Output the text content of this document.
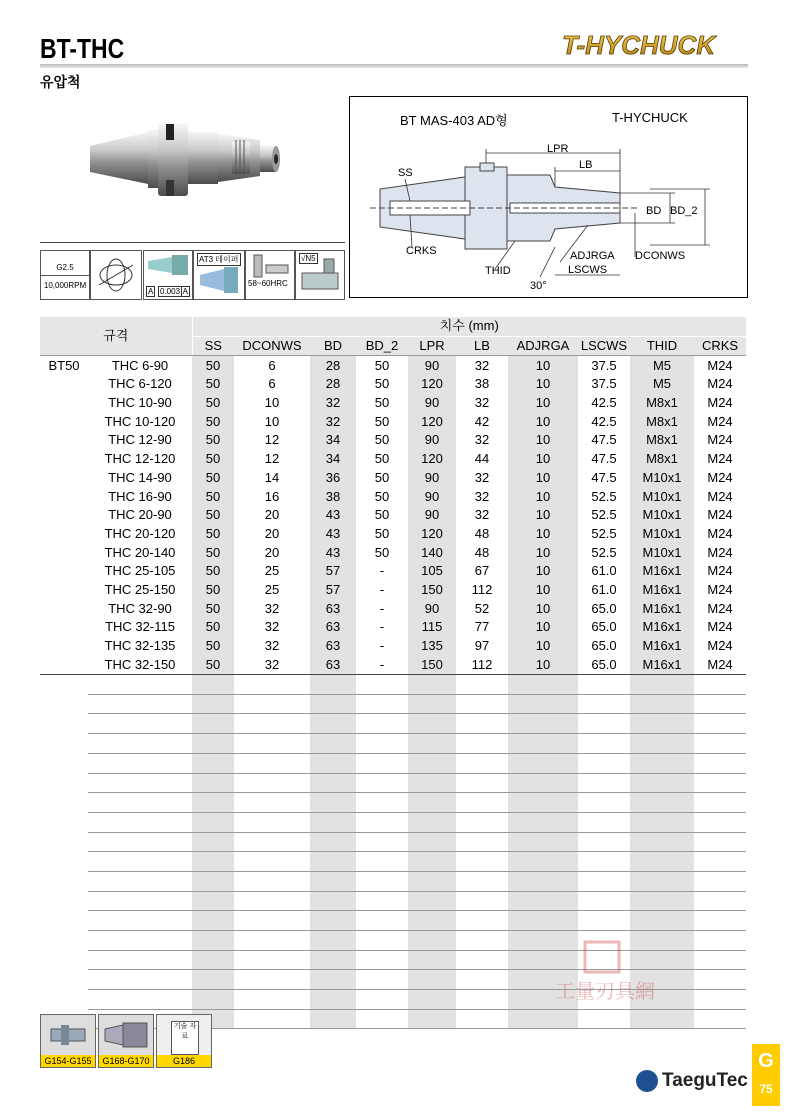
BT-THC
유압척
T-HYCHUCK
G2.5
10,000RPM
A 0.003 A
AT3 테이퍼
58~60HRC
√N5
BT MAS-403 AD형	T-HYCHUCK
LPR
LB
SS
BD BD_2
CRKS	ADJRGA DCONWS
THID	LSCWS
30°
규격		치수 (mm)									
		SS	DCONWS	BD	BD_2	LPR	LB	ADJRGA	LSCWS	THID	CRKS
BT50	THC 6-90	50	6	28	50	90	32	10	37.5	M5	M24
	THC 6-120	50	6	28	50	120	38	10	37.5	M5	M24
	THC 10-90	50	10	32	50	90	32	10	42.5	M8x1	M24
	THC 10-120	50	10	32	50	120	42	10	42.5	M8x1	M24
	THC 12-90	50	12	34	50	90	32	10	47.5	M8x1	M24
	THC 12-120	50	12	34	50	120	44	10	47.5	M8x1	M24
	THC 14-90	50	14	36	50	90	32	10	47.5	M10x1	M24
	THC 16-90	50	16	38	50	90	32	10	52.5	M10x1	M24
	THC 20-90	50	20	43	50	90	32	10	52.5	M10x1	M24
	THC 20-120	50	20	43	50	120	48	10	52.5	M10x1	M24
	THC 20-140	50	20	43	50	140	48	10	52.5	M10x1	M24
	THC 25-105	50	25	57	-	105	67	10	61.0	M16x1	M24
	THC 25-150	50	25	57	-	150	112	10	61.0	M16x1	M24
	THC 32-90	50	32	63	-	90	52	10	65.0	M16x1	M24
	THC 32-115	50	32	63	-	115	77	10	65.0	M16x1	M24
	THC 32-135	50	32	63	-	135	97	10	65.0	M16x1	M24
	THC 32-150	50	32	63	-	150	112	10	65.0	M16x1	M24

G154-G155	G168-G170
기술 자료
G186
工量刃具網
G
75
TaeguTec
